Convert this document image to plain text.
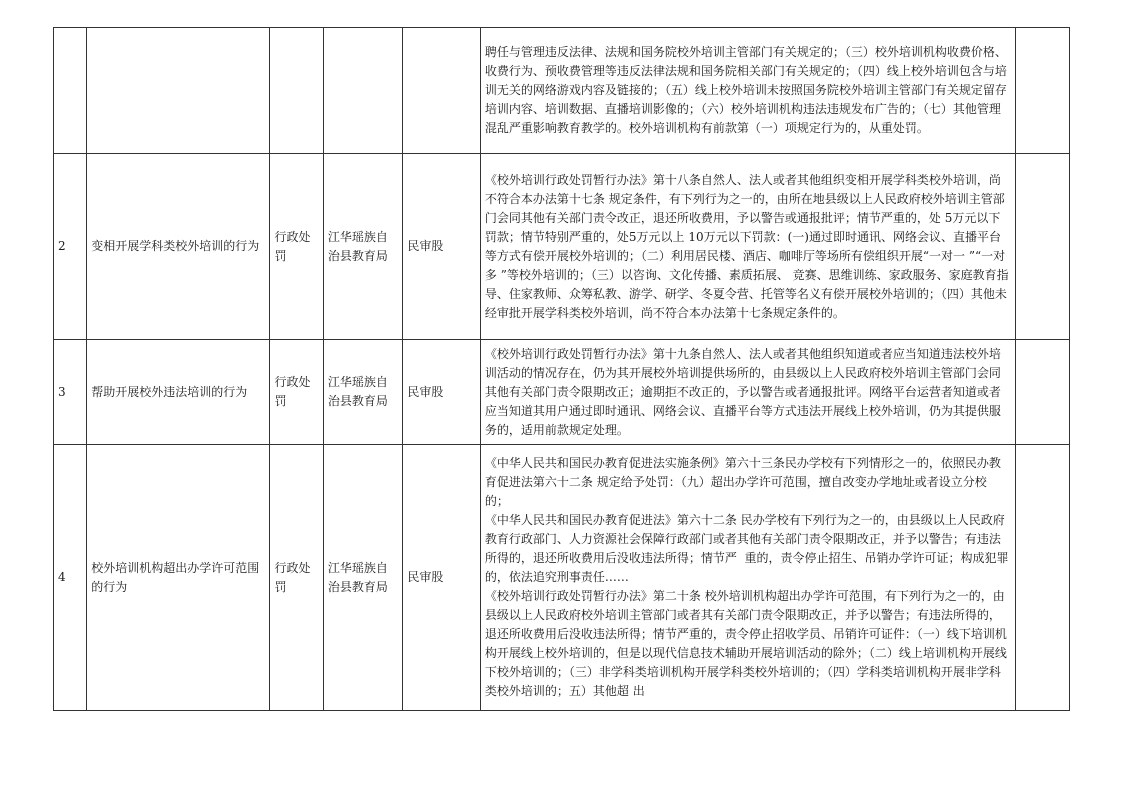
					聘任与管理违反法律、法规和国务院校外培训主管部门有关规定的；（三）校外培训机构收费价格、收费行为、预收费管理等违反法律法规和国务院相关部门有关规定的；（四）线上校外培训包含与培训无关的网络游戏内容及链接的；（五）线上校外培训未按照国务院校外培训主管部门有关规定留存培训内容、培训数据、直播培训影像的；（六）校外培训机构违法违规发布广告的；（七）其他管理混乱严重影响教育教学的。校外培训机构有前款第（一）项规定行为的，从重处罚。	

2	变相开展学科类校外培训的行为	行政处罚	江华瑶族自治县教育局	民审股	《校外培训行政处罚暂行办法》第十八条自然人、法人或者其他组织变相开展学科类校外培训，尚不符合本办法第十七条 规定条件，有下列行为之一的，由所在地县级以上人民政府校外培训主管部门会同其他有关部门责令改正，退还所收费用，予以警告或通报批评；情节严重的，处 5万元以下罚款；情节特别严重的，处5万元以上 10万元以下罚款：(一)通过即时通讯、网络会议、直播平台等方式有偿开展校外培训的；（二）利用居民楼、酒店、咖啡厅等场所有偿组织开展“一对一 ”“一对多 ”等校外培训的；（三）以咨询、文化传播、素质拓展、 竞赛、思维训练、家政服务、家庭教育指导、住家教师、众筹私教、游学、研学、冬夏令营、托管等名义有偿开展校外培训的；（四）其他未经审批开展学科类校外培训，尚不符合本办法第十七条规定条件的。	

3	帮助开展校外违法培训的行为	行政处罚	江华瑶族自治县教育局	民审股	《校外培训行政处罚暂行办法》第十九条自然人、法人或者其他组织知道或者应当知道违法校外培训活动的情况存在，仍为其开展校外培训提供场所的，由县级以上人民政府校外培训主管部门会同其他有关部门责令限期改正；逾期拒不改正的，予以警告或者通报批评。网络平台运营者知道或者应当知道其用户通过即时通讯、网络会议、直播平台等方式违法开展线上校外培训，仍为其提供服务的，适用前款规定处理。	

4	校外培训机构超出办学许可范围的行为	行政处罚	江华瑶族自治县教育局	民审股	《中华人民共和国民办教育促进法实施条例》第六十三条民办学校有下列情形之一的，依照民办教育促进法第六十二条 规定给予处罚：（九）超出办学许可范围，擅自改变办学地址或者设立分校的；
《中华人民共和国民办教育促进法》第六十二条 民办学校有下列行为之一的，由县级以上人民政府教育行政部门、人力资源社会保障行政部门或者其他有关部门责令限期改正，并予以警告；有违法所得的，退还所收费用后没收违法所得；情节严  重的，责令停止招生、吊销办学许可证；构成犯罪的，依法追究刑事责任……
《校外培训行政处罚暂行办法》第二十条 校外培训机构超出办学许可范围，有下列行为之一的，由县级以上人民政府校外培训主管部门或者其有关部门责令限期改正，并予以警告；有违法所得的，退还所收费用后没收违法所得；情节严重的，责令停止招收学员、吊销许可证件：（一）线下培训机构开展线上校外培训的，但是以现代信息技术辅助开展培训活动的除外；（二）线上培训机构开展线下校外培训的；（三）非学科类培训机构开展学科类校外培训的；（四）学科类培训机构开展非学科类校外培训的；五）其他超 出	
